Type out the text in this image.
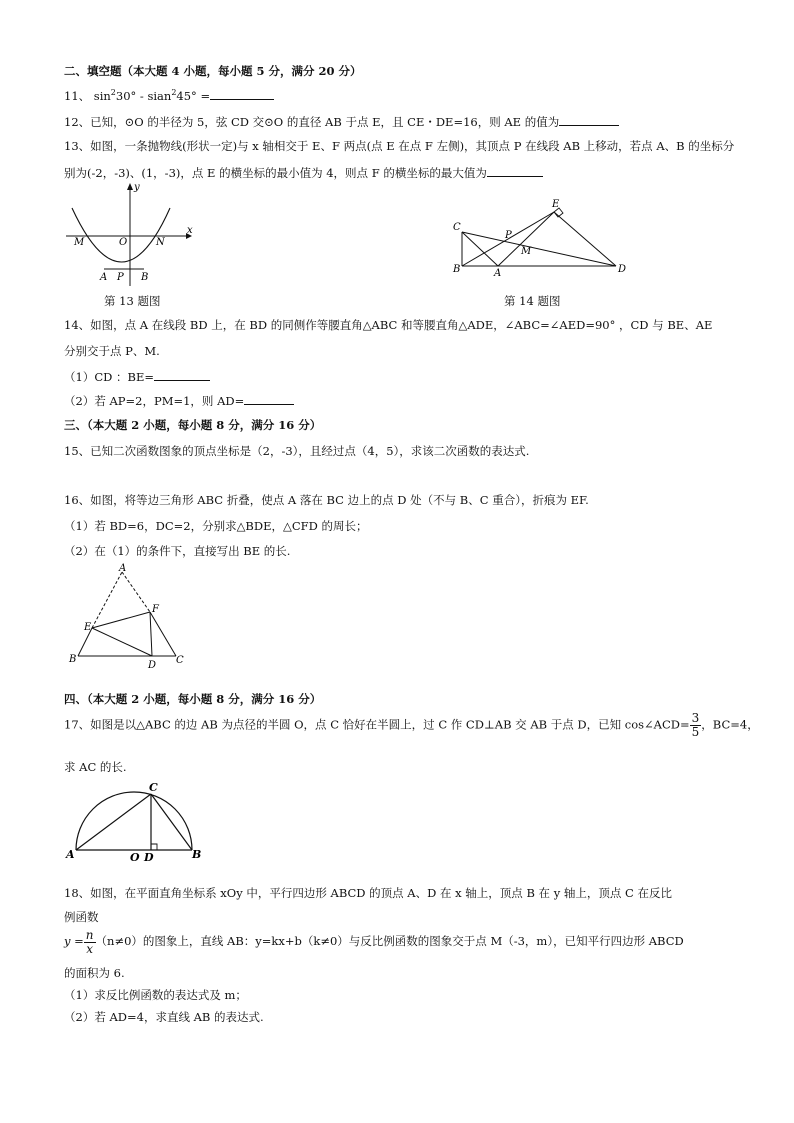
二、填空题（本大题 4 小题，每小题 5 分，满分 20 分）
11、 $\sin^230^\circ$ - sian$^2$45° =
12、已知，⊙O 的半径为 5，弦 CD 交⊙O 的直径 AB 于点 E，且 CE・DE=16，则 AE 的值为
13、如图，一条抛物线(形状一定)与 x 轴相交于 E、F 两点(点 E 在点 F 左侧)，其顶点 P 在线段 AB 上移动，若点 A、B 的坐标分
别为(-2，-3)、(1，-3)，点 E 的横坐标的最小值为 4，则点 F 的横坐标的最大值为
y
x
M	O	N
A P B
第 13 题图
C
E
P
M
B	A	D
第 14 题图
14、如图，点 A 在线段 BD 上，在 BD 的同侧作等腰直角△ABC 和等腰直角△ADE，∠ABC=∠AED=90° ，CD 与 BE、AE
分别交于点 P、M.
（1）CD ：BE=
（2）若 AP=2，PM=1，则 AD=
三、（本大题 2 小题，每小题 8 分，满分 16 分）
15、已知二次函数图象的顶点坐标是（2，-3），且经过点（4，5），求该二次函数的表达式.
16、如图，将等边三角形 ABC 折叠，使点 A 落在 BC 边上的点 D 处（不与 B、C 重合），折痕为 EF.
（1）若 BD=6，DC=2，分别求△BDE，△CFD 的周长；
（2）在（1）的条件下，直接写出 BE 的长.
A
F
E
B
D C
四、（本大题 2 小题，每小题 8 分，满分 16 分）
17、如图是以△ABC 的边 AB 为点径的半圆 O，点 C 恰好在半圆上，过 C 作 CD⊥AB 交 AB 于点 D，已知 cos∠ACD= $\frac{3}{5}$ ，BC=4，
求 AC 的长.
C
A	O D	B
18、如图，在平面直角坐标系 xOy 中，平行四边形 ABCD 的顶点 A、D 在 x 轴上，顶点 B 在 y 轴上，顶点 C 在反比
例函数
$y = \frac{n}{x} (n\ne 0)$的图象上，直线 AB：y=kx+b（k≠0）与反比例函数的图象交于点 M（-3，m），已知平行四边形 ABCD
的面积为 6.
（1）求反比例函数的表达式及 m；
（2）若 AD=4，求直线 AB 的表达式.
